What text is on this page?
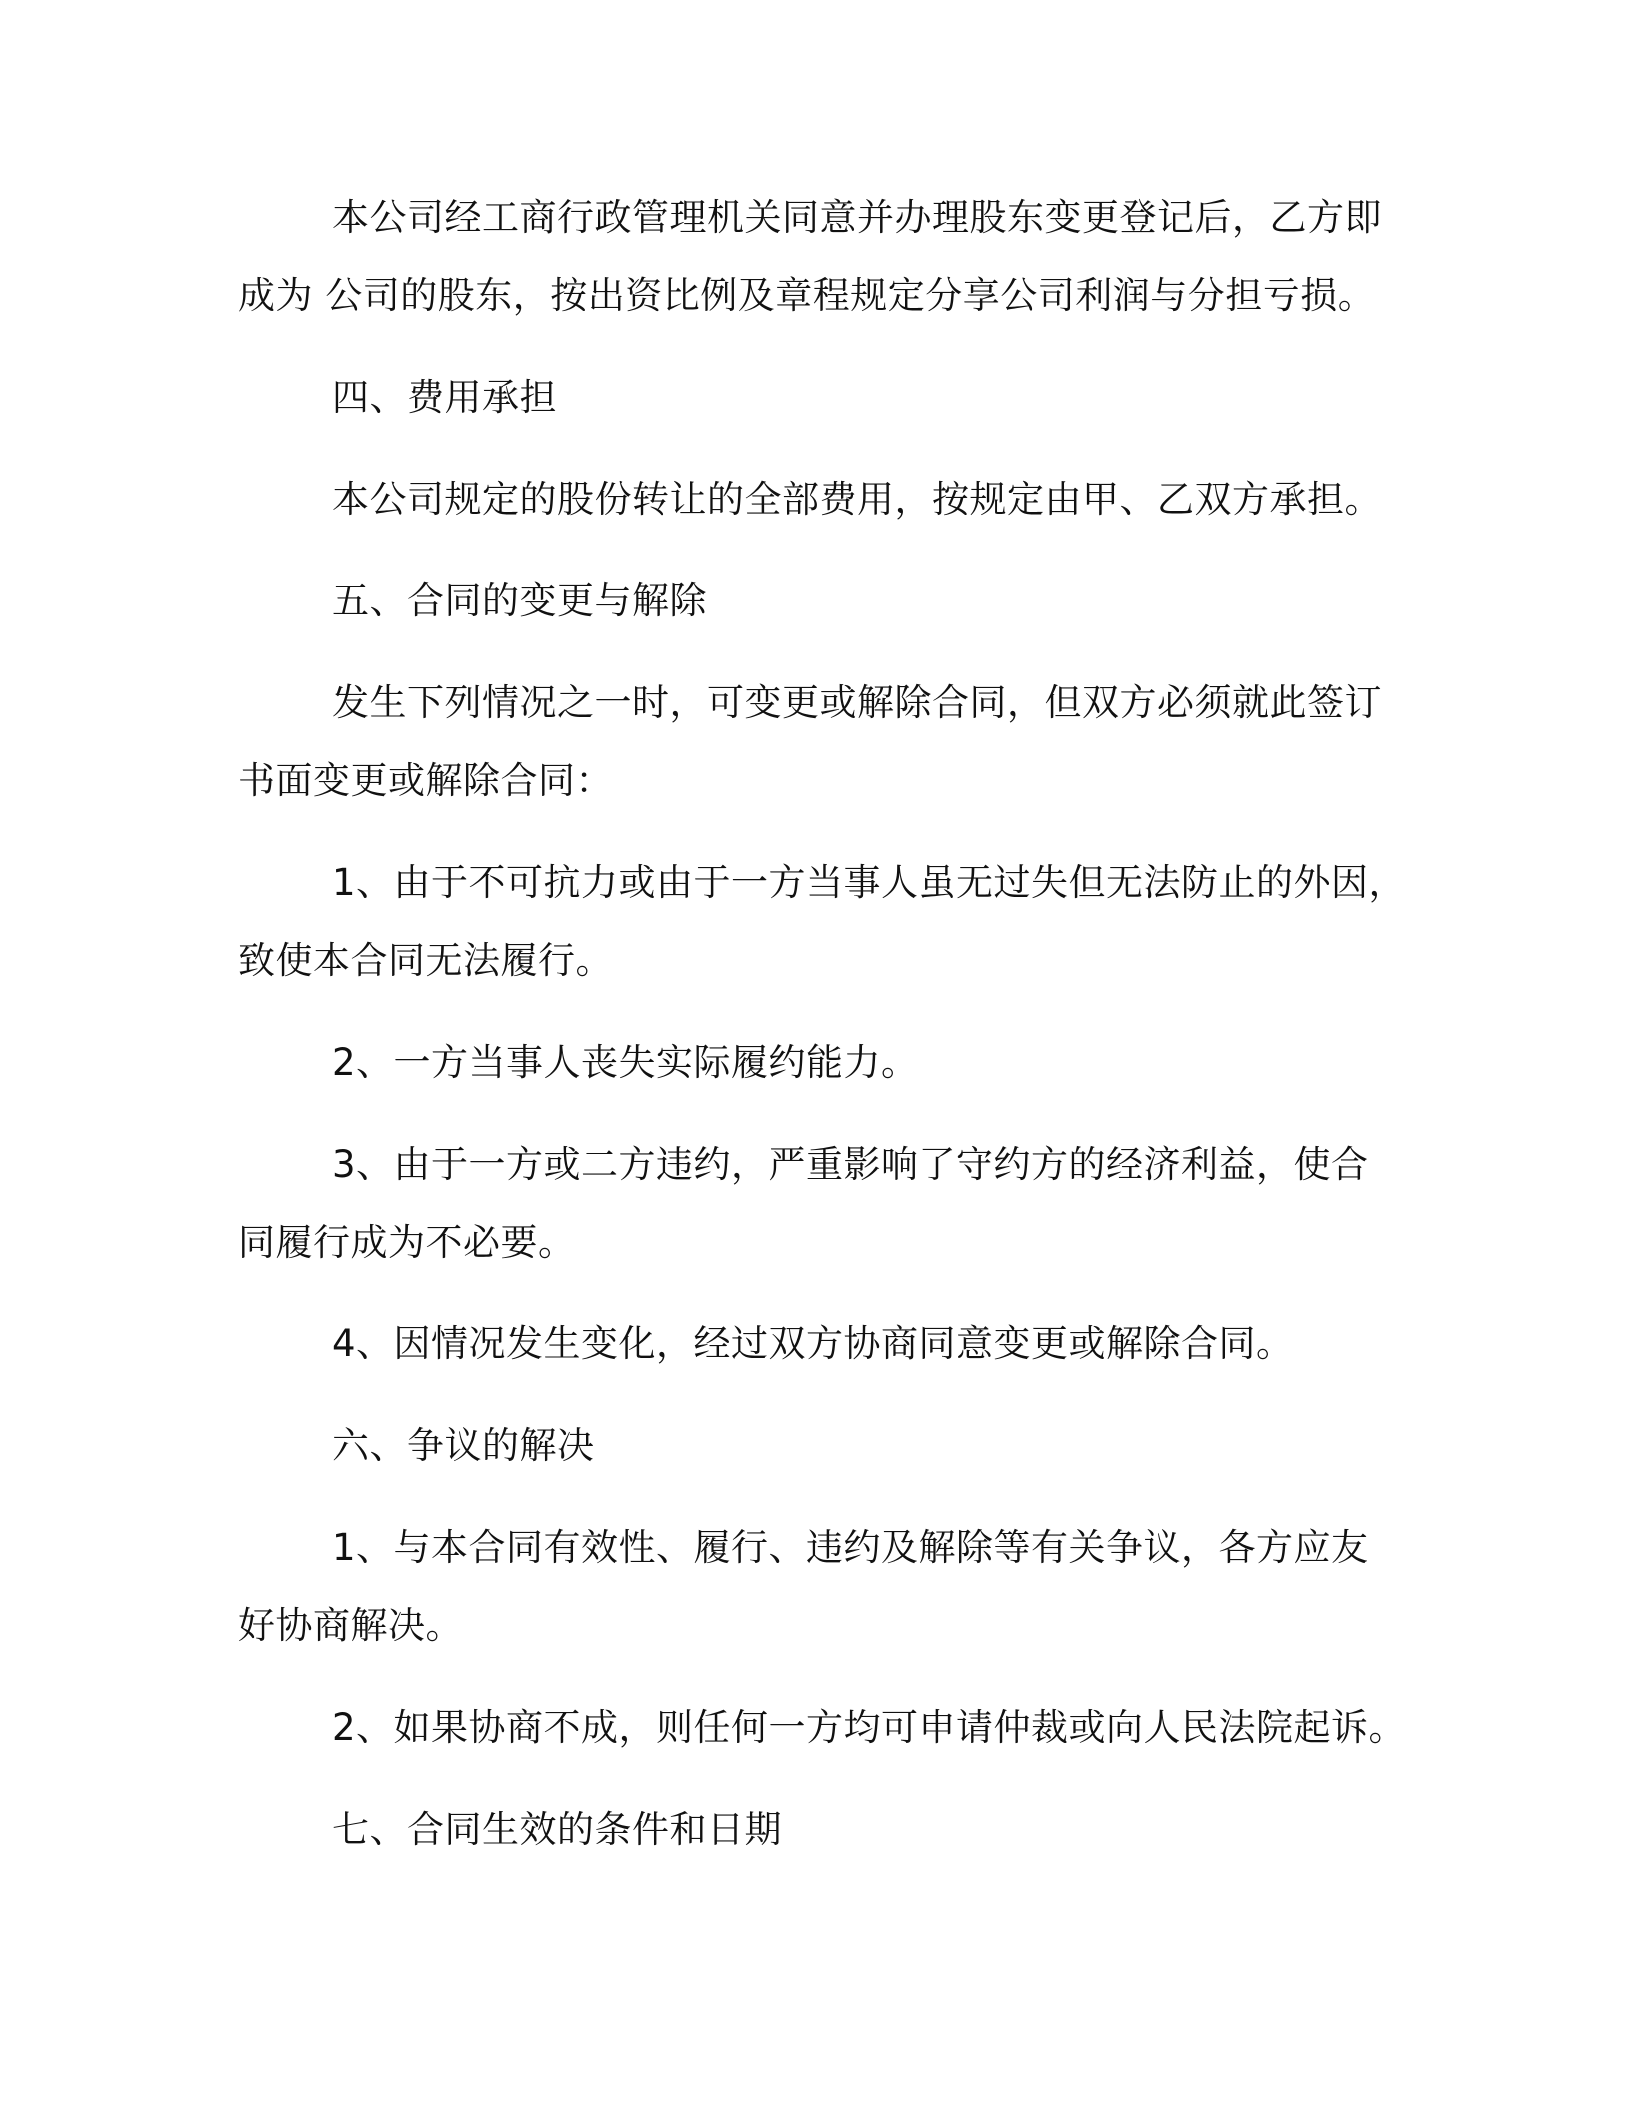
本公司经工商行政管理机关同意并办理股东变更登记后，乙方即

成为 公司的股东，按出资比例及章程规定分享公司利润与分担亏损。

四、费用承担

本公司规定的股份转让的全部费用，按规定由甲、乙双方承担。

五、合同的变更与解除

发生下列情况之一时，可变更或解除合同，但双方必须就此签订

书面变更或解除合同：

1、由于不可抗力或由于一方当事人虽无过失但无法防止的外因，

致使本合同无法履行。

2、一方当事人丧失实际履约能力。

3、由于一方或二方违约，严重影响了守约方的经济利益，使合

同履行成为不必要。

4、因情况发生变化，经过双方协商同意变更或解除合同。

六、争议的解决

1、与本合同有效性、履行、违约及解除等有关争议，各方应友

好协商解决。

2、如果协商不成，则任何一方均可申请仲裁或向人民法院起诉。

七、合同生效的条件和日期
